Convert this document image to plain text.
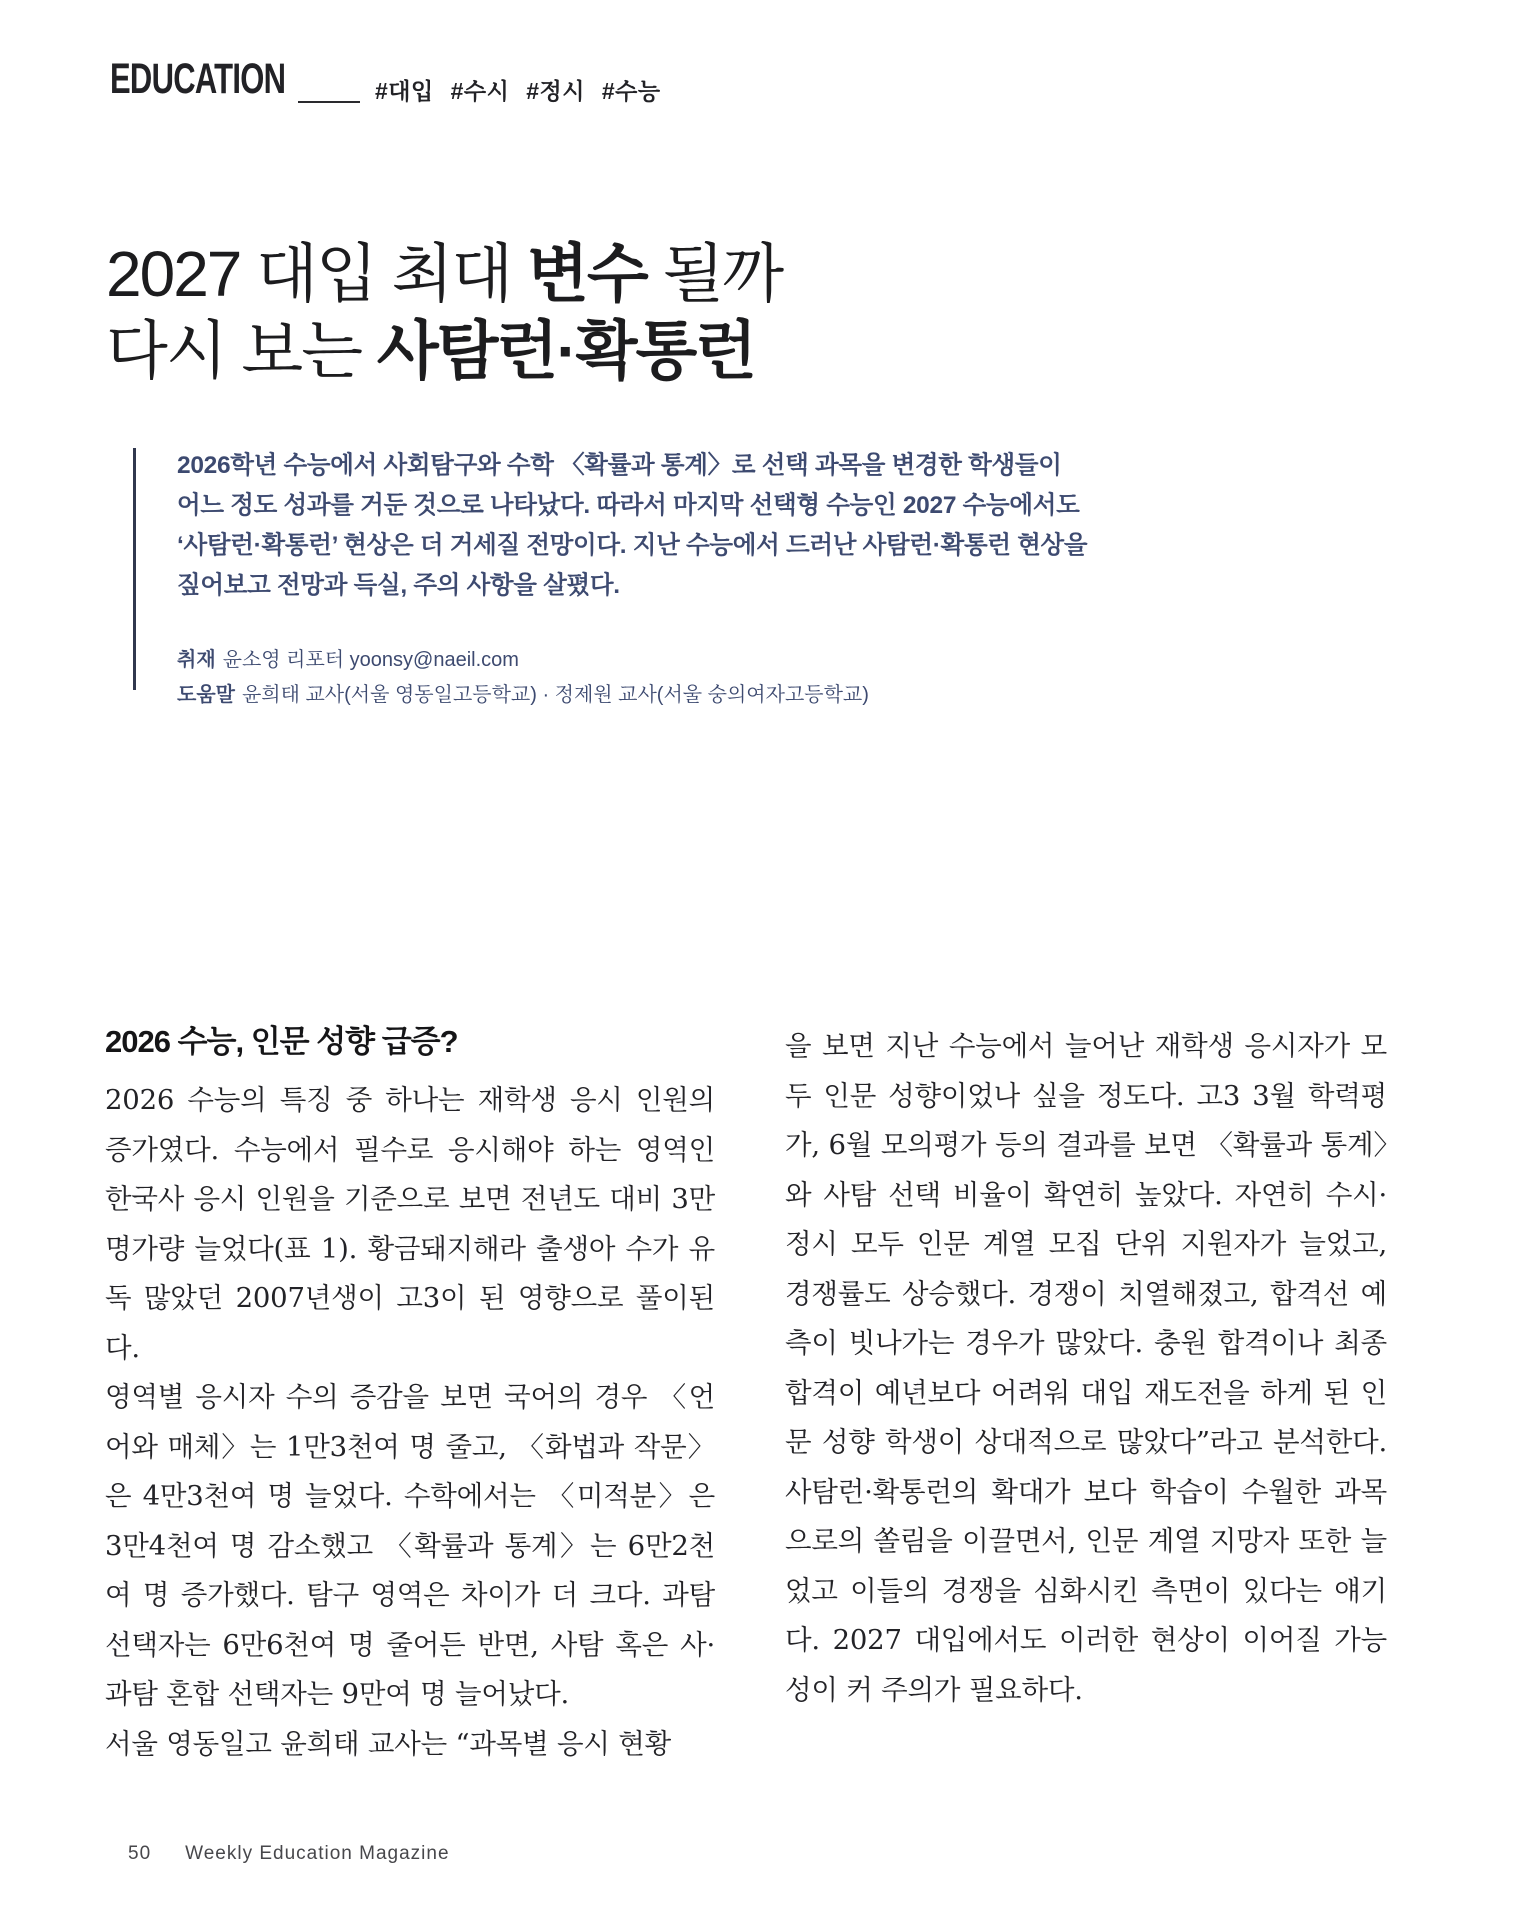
EDUCATION	#대입 #수시 #정시 #수능
2027 대입 최대 변수 될까
다시 보는 사탐런·확통런
2026학년 수능에서 사회탐구와 수학 〈확률과 통계〉로 선택 과목을 변경한 학생들이
어느 정도 성과를 거둔 것으로 나타났다. 따라서 마지막 선택형 수능인 2027 수능에서도
‘사탐런·확통런’ 현상은 더 거세질 전망이다. 지난 수능에서 드러난 사탐런·확통런 현상을
짚어보고 전망과 득실, 주의 사항을 살폈다.
취재 윤소영 리포터 yoonsy@naeil.com
도움말 윤희태 교사(서울 영동일고등학교) · 정제원 교사(서울 숭의여자고등학교)
2026 수능, 인문 성향 급증?

2026 수능의 특징 중 하나는 재학생 응시 인원의 증가였다. 수능에서 필수로 응시해야 하는 영역인 한국사 응시 인원을 기준으로 보면 전년도 대비 3만 명가량 늘었다(표 1). 황금돼지해라 출생아 수가 유독 많았던 2007년생이 고3이 된 영향으로 풀이된다.

영역별 응시자 수의 증감을 보면 국어의 경우 〈언어와 매체〉는 1만3천여 명 줄고, 〈화법과 작문〉은 4만3천여 명 늘었다. 수학에서는 〈미적분〉은 3만4천여 명 감소했고 〈확률과 통계〉는 6만2천여 명 증가했다. 탐구 영역은 차이가 더 크다. 과탐 선택자는 6만6천여 명 줄어든 반면, 사탐 혹은 사·과탐 혼합 선택자는 9만여 명 늘어났다.

서울 영동일고 윤희태 교사는 “과목별 응시 현황

을 보면 지난 수능에서 늘어난 재학생 응시자가 모두 인문 성향이었나 싶을 정도다. 고3 3월 학력평가, 6월 모의평가 등의 결과를 보면 〈확률과 통계〉와 사탐 선택 비율이 확연히 높았다. 자연히 수시·정시 모두 인문 계열 모집 단위 지원자가 늘었고, 경쟁률도 상승했다. 경쟁이 치열해졌고, 합격선 예측이 빗나가는 경우가 많았다. 충원 합격이나 최종 합격이 예년보다 어려워 대입 재도전을 하게 된 인문 성향 학생이 상대적으로 많았다”라고 분석한다. 사탐런·확통런의 확대가 보다 학습이 수월한 과목으로의 쏠림을 이끌면서, 인문 계열 지망자 또한 늘었고 이들의 경쟁을 심화시킨 측면이 있다는 얘기다. 2027 대입에서도 이러한 현상이 이어질 가능성이 커 주의가 필요하다.

50 Weekly Education Magazine
